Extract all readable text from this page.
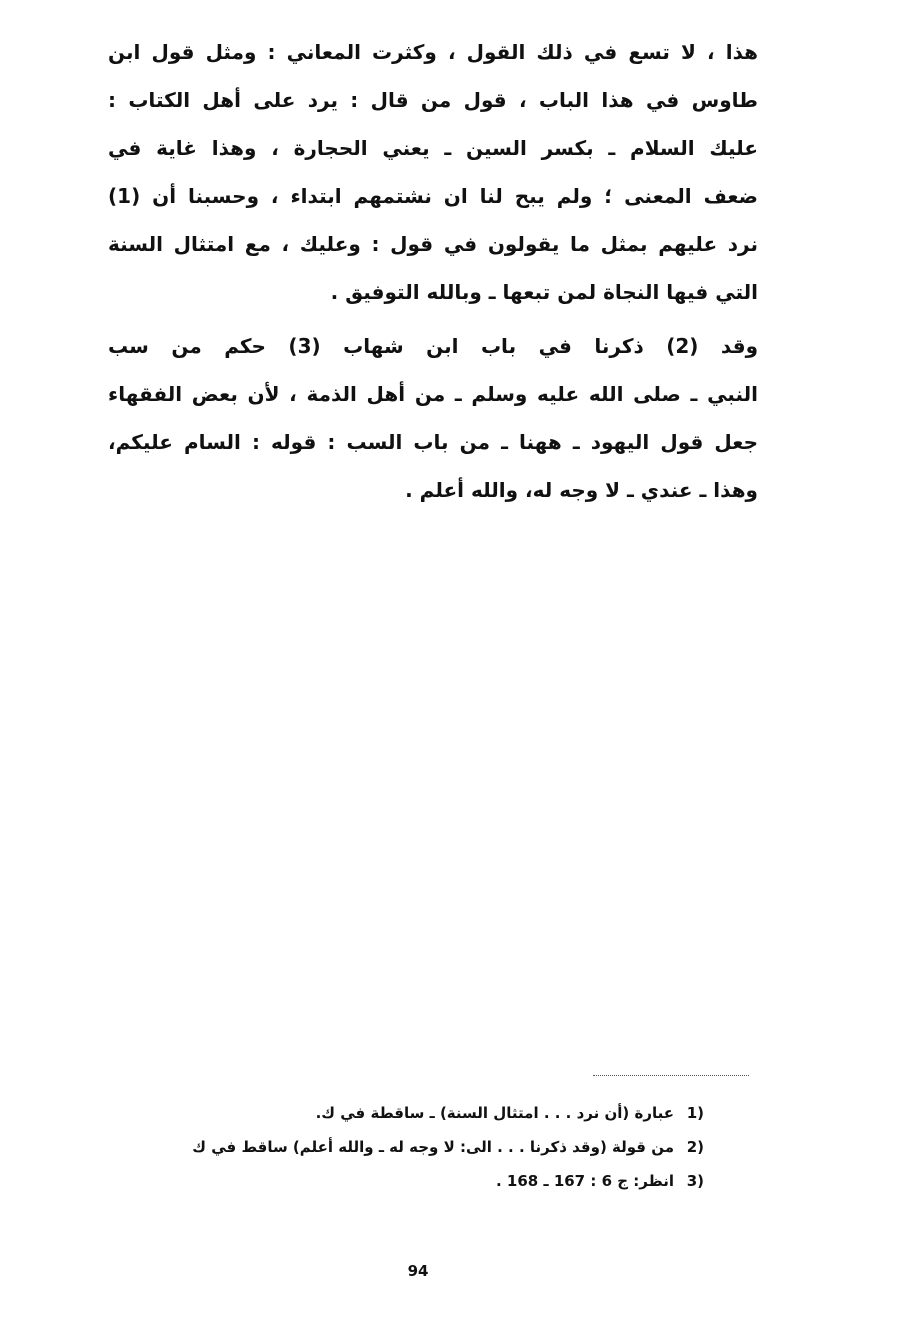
هذا ، لا تسع في ذلك القول ، وكثرت المعاني : ومثل قول ابن
طاوس في هذا الباب ، قول من قال : يرد على أهل الكتاب :
عليك السلام ـ بكسر السين ـ يعني الحجارة ، وهذا غاية في
ضعف المعنى ؛ ولم يبح لنا ان نشتمهم ابتداء ، وحسبنا أن (1)
نرد عليهم بمثل ما يقولون في قول : وعليك ، مع امتثال السنة
التي فيها النجاة لمن تبعها ـ وبالله التوفيق .
وقد (2) ذكرنا في باب ابن شهاب (3) حكم من سب
النبي ـ صلى الله عليه وسلم ـ من أهل الذمة ، لأن بعض الفقهاء
جعل قول اليهود ـ ههنا ـ من باب السب : قوله : السام عليكم،
وهذا ـ عندي ـ لا وجه له، والله أعلم .
1)
عبارة (أن نرد . . . امتثال السنة) ـ ساقطة في ك.
2)
من قولة (وقد ذكرنا . . . الى: لا وجه له ـ والله أعلم) ساقط في ك
3)
انظر: ج 6 : 167 ـ 168 .
94
